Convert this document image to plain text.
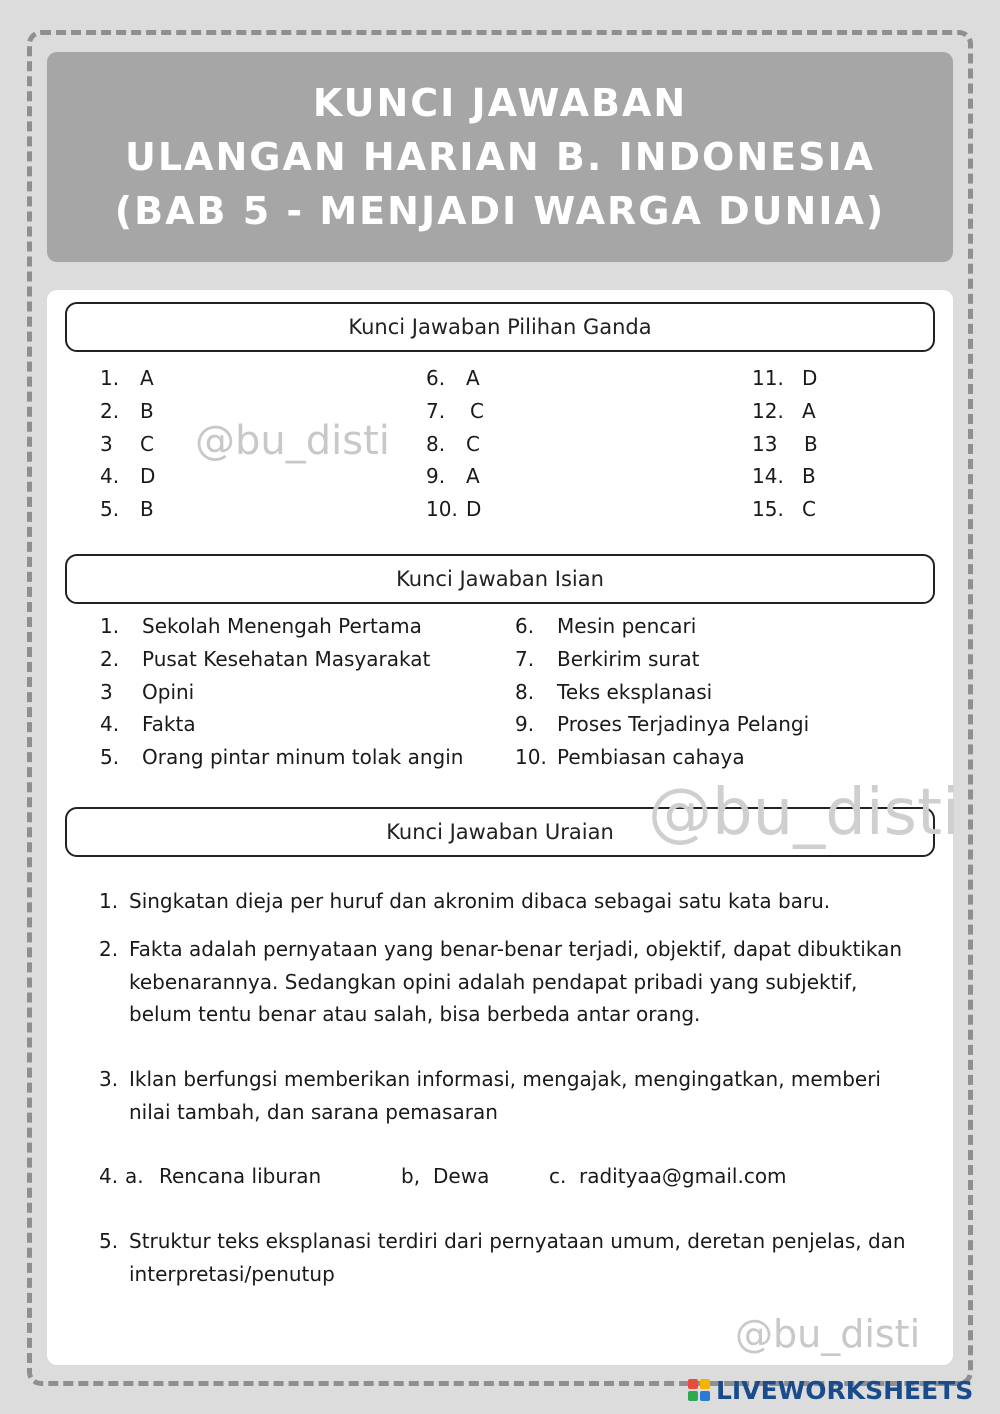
KUNCI JAWABAN
ULANGAN HARIAN B. INDONESIA
(BAB 5 - MENJADI WARGA DUNIA)
Kunci Jawaban Pilihan Ganda
1.	A
2.	B
3	C
4.	D
5.	B
6.	A
7.	C
8.	C
9.	A
10. D
11. D
12. A
13	B
14. B
15. C
Kunci Jawaban Isian
1.	Sekolah Menengah Pertama
2.	Pusat Kesehatan Masyarakat
3	Opini
4.	Fakta
5.	Orang pintar minum tolak angin
6.	Mesin pencari
7.	Berkirim surat
8.	Teks eksplanasi
9.	Proses Terjadinya Pelangi
10. Pembiasan cahaya
Kunci Jawaban Uraian
1. Singkatan dieja per huruf dan akronim dibaca sebagai satu kata baru.
2. Fakta adalah pernyataan yang benar-benar terjadi, objektif, dapat dibuktikan kebenarannya. Sedangkan opini adalah pendapat pribadi yang subjektif, belum tentu benar atau salah, bisa berbeda antar orang.
3. Iklan berfungsi memberikan informasi, mengajak, mengingatkan, memberi nilai tambah, dan sarana pemasaran
4. a. Rencana liburan	b, Dewa	c. radityaa@gmail.com
5. Struktur teks eksplanasi terdiri dari pernyataan umum, deretan penjelas, dan interpretasi/penutup
@bu_disti
@bu_disti
@bu_disti
LIVEWORKSHEETS
